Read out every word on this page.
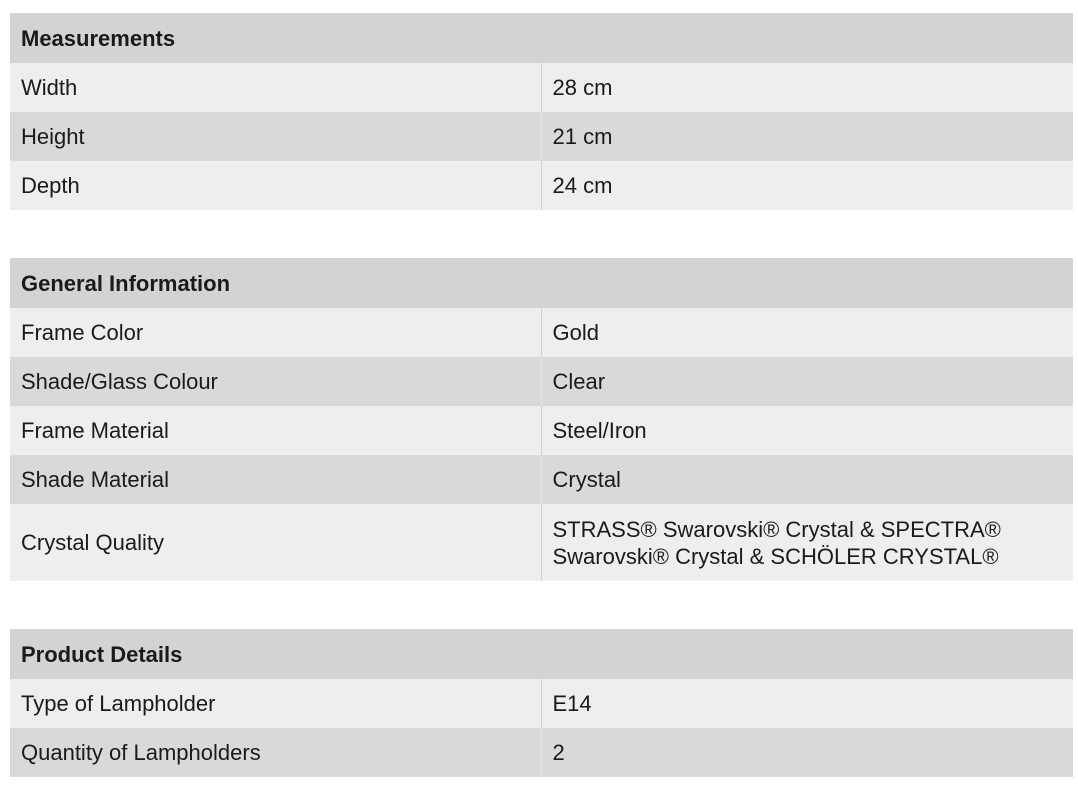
Measurements	
Width	28 cm
Height	21 cm
Depth	24 cm
General Information	
Frame Color	Gold
Shade/Glass Colour	Clear
Frame Material	Steel/Iron
Shade Material	Crystal
Crystal Quality	STRASS® Swarovski® Crystal & SPECTRA® Swarovski® Crystal & SCHÖLER CRYSTAL®
Product Details	
Type of Lampholder	E14
Quantity of Lampholders	2
